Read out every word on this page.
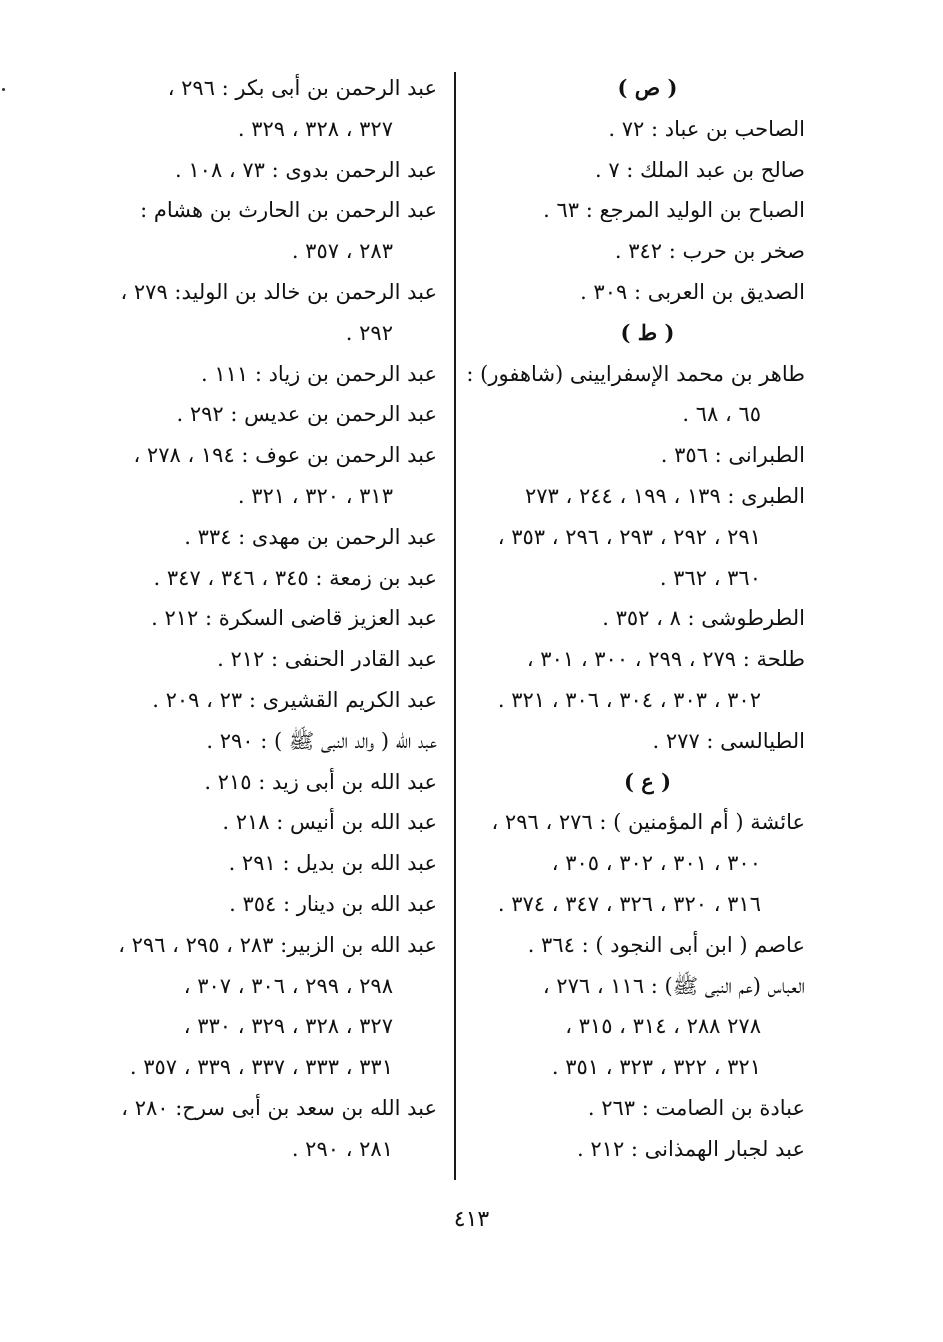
( ص )
الصاحب بن عباد : ٧٢ .
صالح بن عبد الملك : ٧ .
الصباح بن الوليد المرجع : ٦٣ .
صخر بن حرب : ٣٤٢ .
الصديق بن العربى : ٣٠٩ .
( ط )
طاهر بن محمد الإسفرايينى (شاهفور) :
٦٥ ، ٦٨ .
الطبرانى : ٣٥٦ .
الطبرى : ١٣٩ ، ١٩٩ ، ٢٤٤ ، ٢٧٣
٢٩١ ، ٢٩٢ ، ٢٩٣ ، ٢٩٦ ، ٣٥٣ ،
٣٦٠ ، ٣٦٢ .
الطرطوشى : ٨ ، ٣٥٢ .
طلحة : ٢٧٩ ، ٢٩٩ ، ٣٠٠ ، ٣٠١ ،
٣٠٢ ، ٣٠٣ ، ٣٠٤ ، ٣٠٦ ، ٣٢١ .
الطيالسى : ٢٧٧ .
( ع )
عائشة ( أم المؤمنين ) : ٢٧٦ ، ٢٩٦ ،
٣٠٠ ، ٣٠١ ، ٣٠٢ ، ٣٠٥ ،
٣١٦ ، ٣٢٠ ، ٣٢٦ ، ٣٤٧ ، ٣٧٤ .
عاصم ( ابن أبى النجود ) : ٣٦٤ .
العباس (عم النبى ﷺ) : ١١٦ ، ٢٧٦ ،
٢٧٨ ٢٨٨ ، ٣١٤ ، ٣١٥ ،
٣٢١ ، ٣٢٢ ، ٣٢٣ ، ٣٥١ .
عبادة بن الصامت : ٢٦٣ .
عبد لجبار الهمذانى : ٢١٢ .
عبد الرحمن بن أبى بكر : ٢٩٦ ،
٣٢٧ ، ٣٢٨ ، ٣٢٩ .
عبد الرحمن بدوى : ٧٣ ، ١٠٨ .
عبد الرحمن بن الحارث بن هشام :
٢٨٣ ، ٣٥٧ .
عبد الرحمن بن خالد بن الوليد: ٢٧٩ ،
٢٩٢ .
عبد الرحمن بن زياد : ١١١ .
عبد الرحمن بن عديس : ٢٩٢ .
عبد الرحمن بن عوف : ١٩٤ ، ٢٧٨ ،
٣١٣ ، ٣٢٠ ، ٣٢١ .
عبد الرحمن بن مهدى : ٣٣٤ .
عبد بن زمعة : ٣٤٥ ، ٣٤٦ ، ٣٤٧ .
عبد العزيز قاضى السكرة : ٢١٢ .
عبد القادر الحنفى : ٢١٢ .
عبد الكريم القشيرى : ٢٣ ، ٢٠٩ .
عبد الله ( والد النبى ﷺ ) : ٢٩٠ .
عبد الله بن أبى زيد : ٢١٥ .
عبد الله بن أنيس : ٢١٨ .
عبد الله بن بديل : ٢٩١ .
عبد الله بن دينار : ٣٥٤ .
عبد الله بن الزبير: ٢٨٣ ، ٢٩٥ ، ٢٩٦ ،
٢٩٨ ، ٢٩٩ ، ٣٠٦ ، ٣٠٧ ،
٣٢٧ ، ٣٢٨ ، ٣٢٩ ، ٣٣٠ ،
٣٣١ ، ٣٣٣ ، ٣٣٧ ، ٣٣٩ ، ٣٥٧ .
عبد الله بن سعد بن أبى سرح: ٢٨٠ ،
٢٨١ ، ٢٩٠ .
٤١٣
